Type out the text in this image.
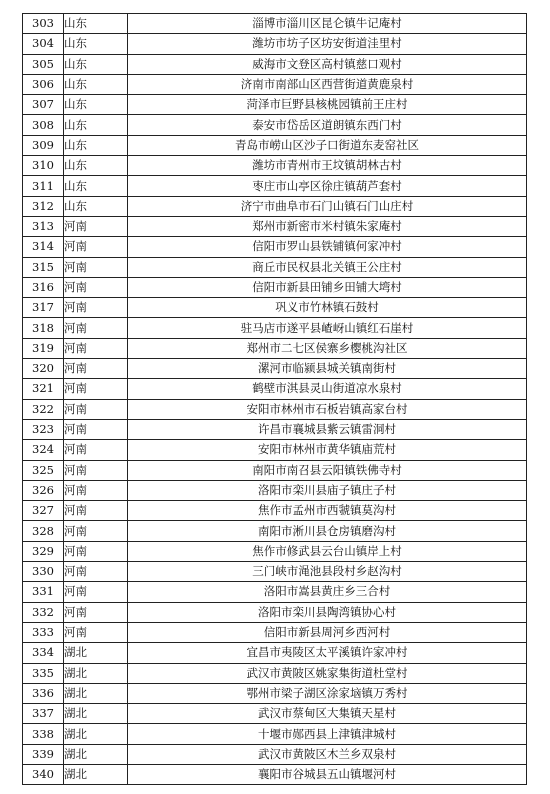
303	山东	淄博市淄川区昆仑镇牛记庵村
304	山东	潍坊市坊子区坊安街道洼里村
305	山东	威海市文登区高村镇慈口观村
306	山东	济南市南部山区西营街道黄鹿泉村
307	山东	菏泽市巨野县核桃园镇前王庄村
308	山东	泰安市岱岳区道朗镇东西门村
309	山东	青岛市崂山区沙子口街道东麦窑社区
310	山东	潍坊市青州市王坟镇胡林古村
311	山东	枣庄市山亭区徐庄镇葫芦套村
312	山东	济宁市曲阜市石门山镇石门山庄村
313	河南	郑州市新密市米村镇朱家庵村
314	河南	信阳市罗山县铁铺镇何家冲村
315	河南	商丘市民权县北关镇王公庄村
316	河南	信阳市新县田铺乡田铺大塆村
317	河南	巩义市竹林镇石鼓村
318	河南	驻马店市遂平县嵖岈山镇红石崖村
319	河南	郑州市二七区侯寨乡樱桃沟社区
320	河南	漯河市临颍县城关镇南街村
321	河南	鹤壁市淇县灵山街道凉水泉村
322	河南	安阳市林州市石板岩镇高家台村
323	河南	许昌市襄城县紫云镇雷洞村
324	河南	安阳市林州市黄华镇庙荒村
325	河南	南阳市南召县云阳镇铁佛寺村
326	河南	洛阳市栾川县庙子镇庄子村
327	河南	焦作市孟州市西虢镇莫沟村
328	河南	南阳市淅川县仓房镇磨沟村
329	河南	焦作市修武县云台山镇岸上村
330	河南	三门峡市渑池县段村乡赵沟村
331	河南	洛阳市嵩县黄庄乡三合村
332	河南	洛阳市栾川县陶湾镇协心村
333	河南	信阳市新县周河乡西河村
334	湖北	宜昌市夷陵区太平溪镇许家冲村
335	湖北	武汉市黄陂区姚家集街道杜堂村
336	湖北	鄂州市梁子湖区涂家垴镇万秀村
337	湖北	武汉市蔡甸区大集镇天星村
338	湖北	十堰市郧西县上津镇津城村
339	湖北	武汉市黄陂区木兰乡双泉村
340	湖北	襄阳市谷城县五山镇堰河村
